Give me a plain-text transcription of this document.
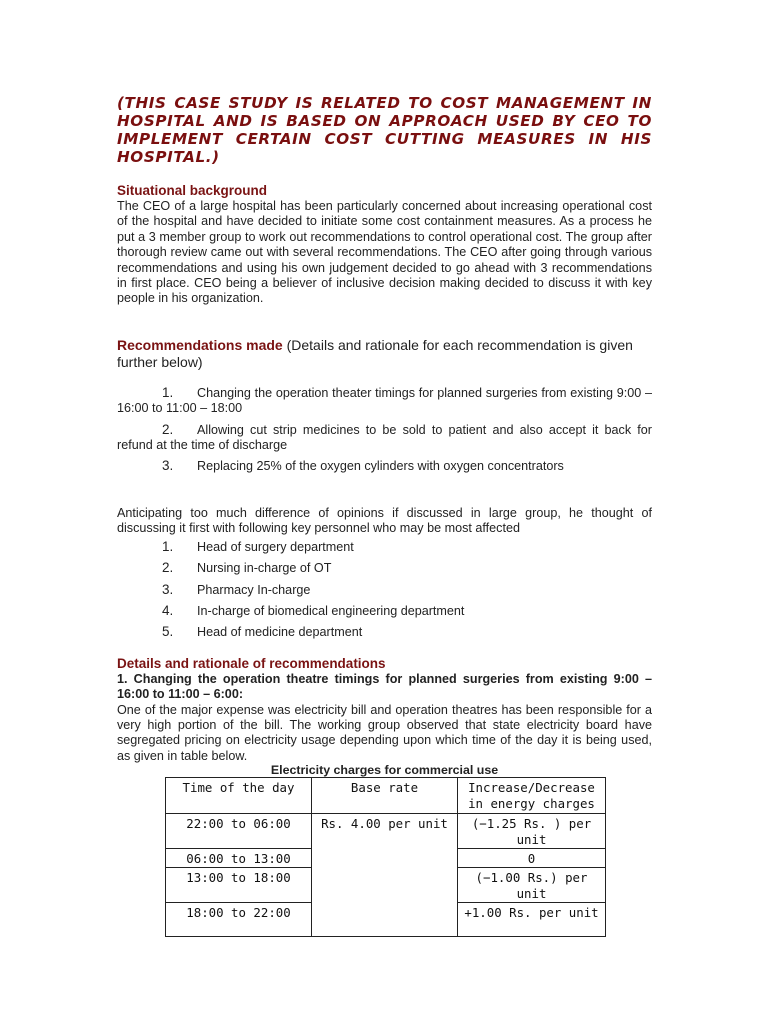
(THIS CASE STUDY IS RELATED TO COST MANAGEMENT IN HOSPITAL AND IS BASED ON APPROACH USED BY CEO TO IMPLEMENT CERTAIN COST CUTTING MEASURES IN HIS HOSPITAL.)

Situational background

The CEO of a large hospital has been particularly concerned about increasing operational cost of the hospital and have decided to initiate some cost containment measures. As a process he put a 3 member group to work out recommendations to control operational cost. The group after thorough review came out with several recommendations. The CEO after going through various recommendations and using his own judgement decided to go ahead with 3 recommendations in first place. CEO being a believer of inclusive decision making decided to discuss it with key people in his organization.

Recommendations made (Details and rationale for each recommendation is given further below)

1. Changing the operation theater timings for planned surgeries from existing 9:00 – 16:00 to 11:00 – 18:00
2. Allowing cut strip medicines to be sold to patient and also accept it back for refund at the time of discharge
3. Replacing 25% of the oxygen cylinders with oxygen concentrators

Anticipating too much difference of opinions if discussed in large group, he thought of discussing it first with following key personnel who may be most affected

1. Head of surgery department
2. Nursing in-charge of OT
3. Pharmacy In-charge
4. In-charge of biomedical engineering department
5. Head of medicine department

Details and rationale of recommendations

1. Changing the operation theatre timings for planned surgeries from existing 9:00 – 16:00 to 11:00 – 6:00:

One of the major expense was electricity bill and operation theatres has been responsible for a very high portion of the bill. The working group observed that state electricity board have segregated pricing on electricity usage depending upon which time of the day it is being used, as given in table below.

Electricity charges for commercial use

Time of the day	Base rate	Increase/Decrease in energy charges
22:00 to 06:00	Rs. 4.00 per unit	(−1.25 Rs. ) per unit
06:00 to 13:00		0
13:00 to 18:00		(−1.00 Rs.) per unit
18:00 to 22:00		+1.00 Rs. per unit
